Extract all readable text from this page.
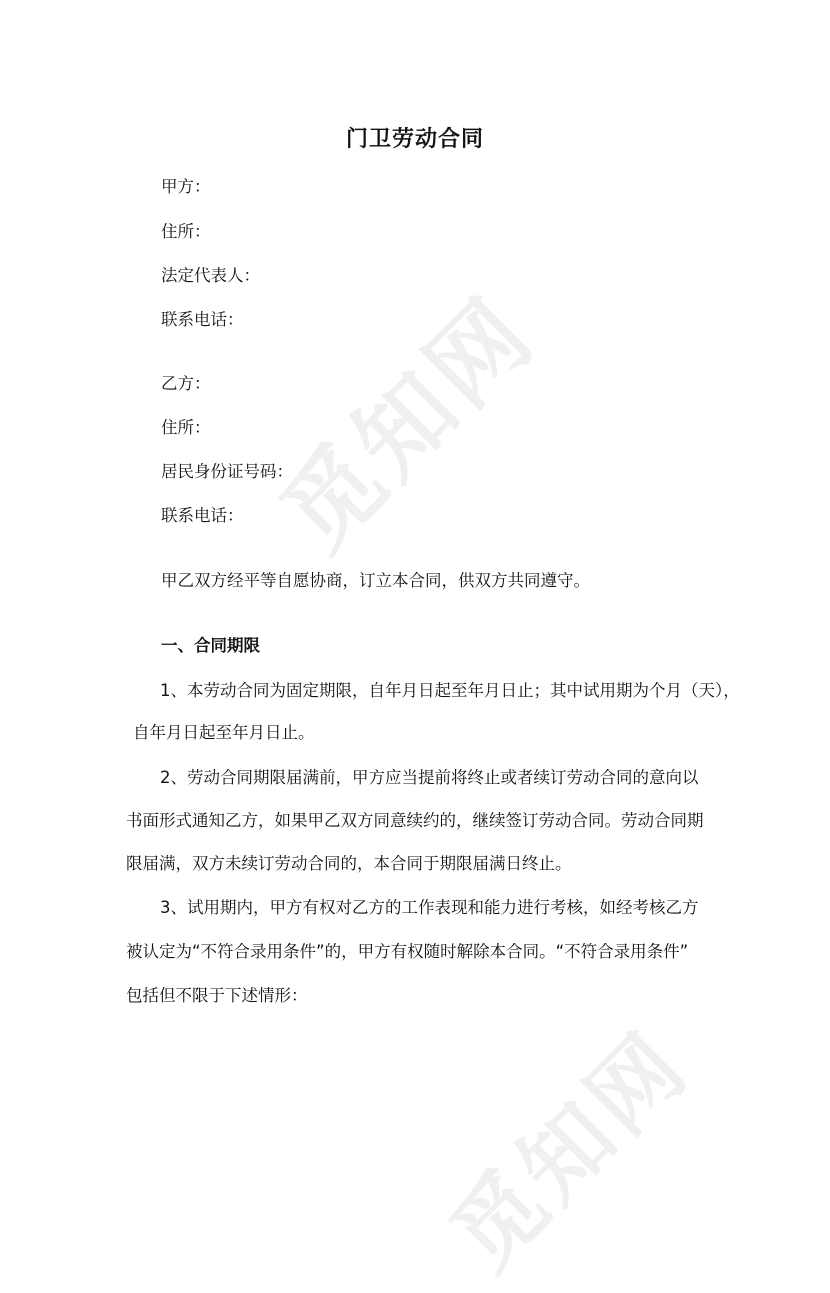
觅知网
觅知网
门卫劳动合同
甲方：
住所：
法定代表人：
联系电话：
乙方：
住所：
居民身份证号码：
联系电话：
甲乙双方经平等自愿协商，订立本合同，供双方共同遵守。
一、合同期限
1、本劳动合同为固定期限，自年月日起至年月日止；其中试用期为个月（天），
自年月日起至年月日止。
2、劳动合同期限届满前，甲方应当提前将终止或者续订劳动合同的意向以
书面形式通知乙方，如果甲乙双方同意续约的，继续签订劳动合同。劳动合同期
限届满，双方未续订劳动合同的，本合同于期限届满日终止。
3、试用期内，甲方有权对乙方的工作表现和能力进行考核，如经考核乙方
被认定为“不符合录用条件”的，甲方有权随时解除本合同。“不符合录用条件”
包括但不限于下述情形：
